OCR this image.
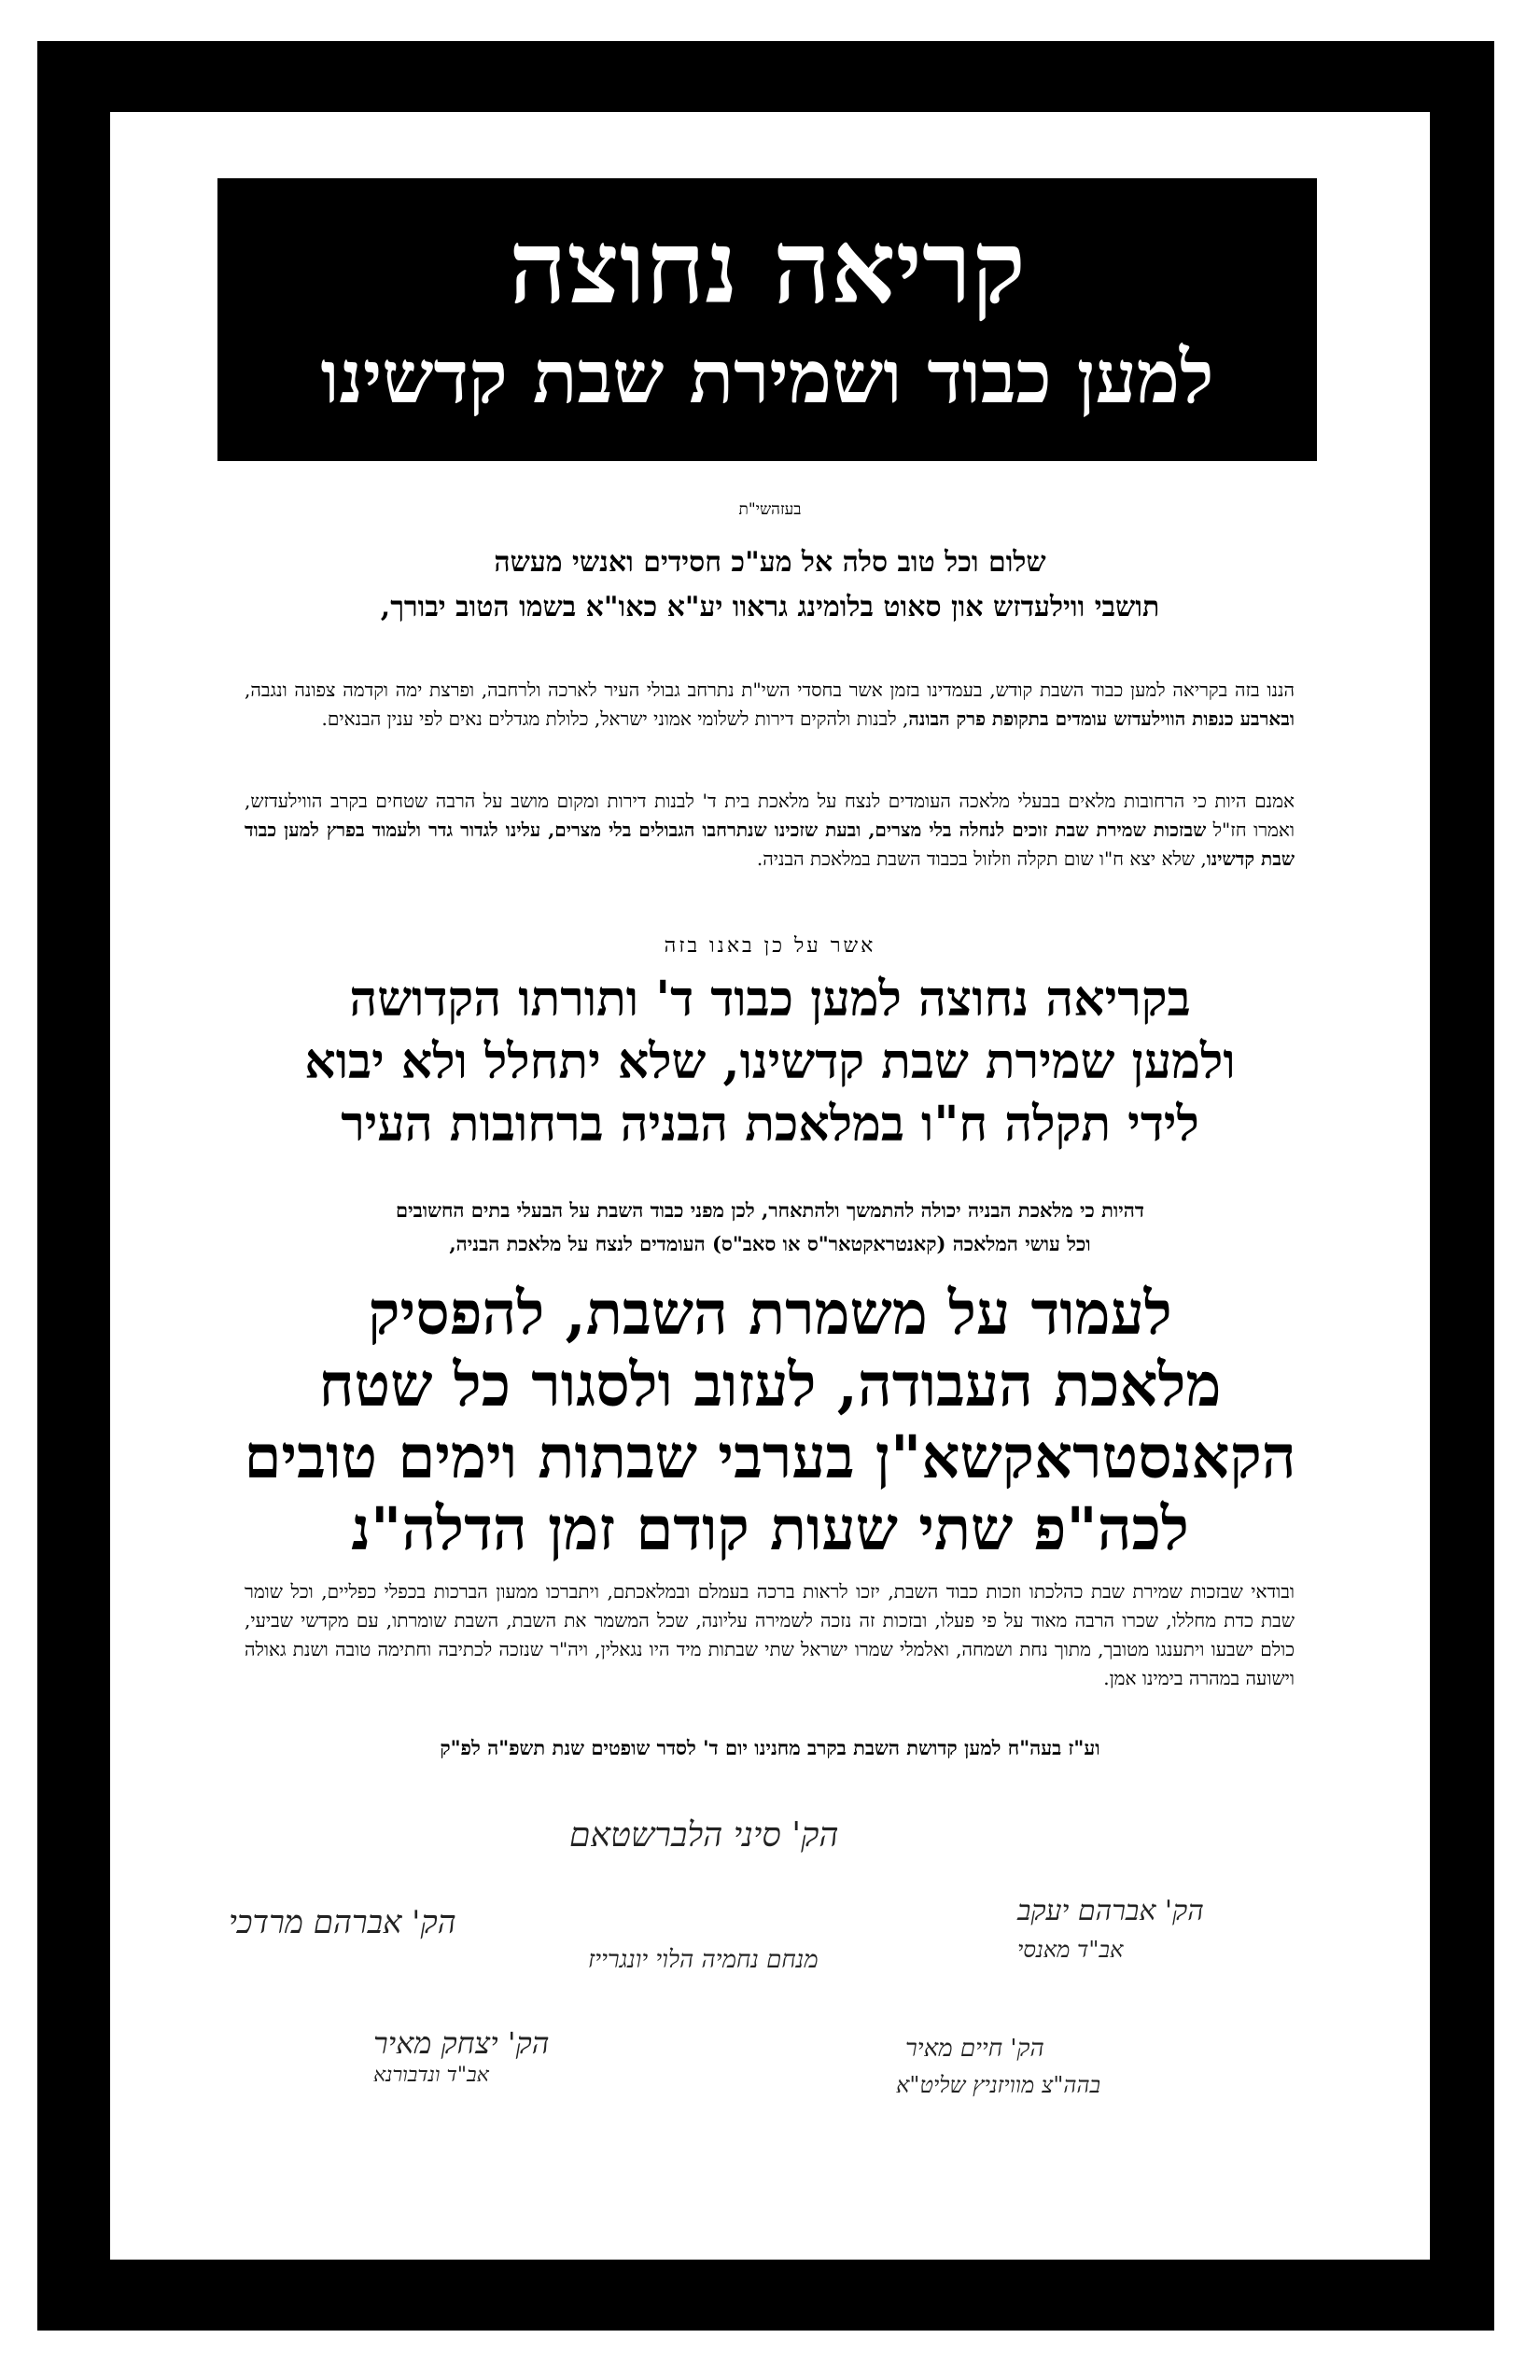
קריאה נחוצה
למען כבוד ושמירת שבת קדשינו
בעזהשי"ת
שלום וכל טוב סלה אל מע"כ חסידים ואנשי מעשה
תושבי ווילעדזש און סאוט בלומינג גראוו יע"א כאו"א בשמו הטוב יבורך,
הננו בזה בקריאה למען כבוד השבת קודש, בעמדינו בזמן אשר בחסדי השי"ת נתרחב גבולי העיר לארכה ולרחבה, ופרצת ימה וקדמה צפונה ונגבה, ובארבע כנפות הווילעדזש עומדים בתקופת פרק הבונה, לבנות ולהקים דירות לשלומי אמוני ישראל, כלולת מגדלים נאים לפי ענין הבנאים.
אמנם היות כי הרחובות מלאים בבעלי מלאכה העומדים לנצח על מלאכת בית ד' לבנות דירות ומקום מושב על הרבה שטחים בקרב הווילעדזש, ואמרו חז"ל שבזכות שמירת שבת זוכים לנחלה בלי מצרים, ובעת שזכינו שנתרחבו הגבולים בלי מצרים, עלינו לגדור גדר ולעמוד בפרץ למען כבוד שבת קדשינו, שלא יצא ח"ו שום תקלה וזלזול בכבוד השבת במלאכת הבניה.
אשר על כן באנו בזה
בקריאה נחוצה למען כבוד ד' ותורתו הקדושה
ולמען שמירת שבת קדשינו, שלא יתחלל ולא יבוא
לידי תקלה ח"ו במלאכת הבניה ברחובות העיר
דהיות כי מלאכת הבניה יכולה להתמשך ולהתאחר, לכן מפני כבוד השבת על הבעלי בתים החשובים
וכל עושי המלאכה (קאנטראקטאר"ס או סאב"ס) העומדים לנצח על מלאכת הבניה,
לעמוד על משמרת השבת, להפסיק
מלאכת העבודה, לעזוב ולסגור כל שטח
הקאנסטראקשא"ן בערבי שבתות וימים טובים
לכה"פ שתי שעות קודם זמן הדלה"נ
ובודאי שבזכות שמירת שבת כהלכתו וזכות כבוד השבת, יזכו לראות ברכה בעמלם ובמלאכתם, ויתברכו ממעון הברכות בכפלי כפליים, וכל שומר שבת כדת מחללו, שכרו הרבה מאוד על פי פעלו, ובזכות זה נזכה לשמירה עליונה, שכל המשמר את השבת, השבת שומרתו, עם מקדשי שביעי, כולם ישבעו ויתענגו מטובך, מתוך נחת ושמחה, ואלמלי שמרו ישראל שתי שבתות מיד היו נגאלין, ויה"ר שנזכה לכתיבה וחתימה טובה ושנת גאולה וישועה במהרה בימינו אמן.
וע"ז בעה"ח למען קדושת השבת בקרב מחנינו יום ד' לסדר שופטים שנת תשפ"ה לפ"ק
הק' סיני הלברשטאם
הק' אברהם מרדכי
מנחם נחמיה הלוי יונגרייז
הק' אברהם יעקב
אב"ד מאנסי
הק' יצחק מאיר
אב"ד ונדבורנא
הק' חיים מאיר
בהה"צ מוויזניץ שליט"א
